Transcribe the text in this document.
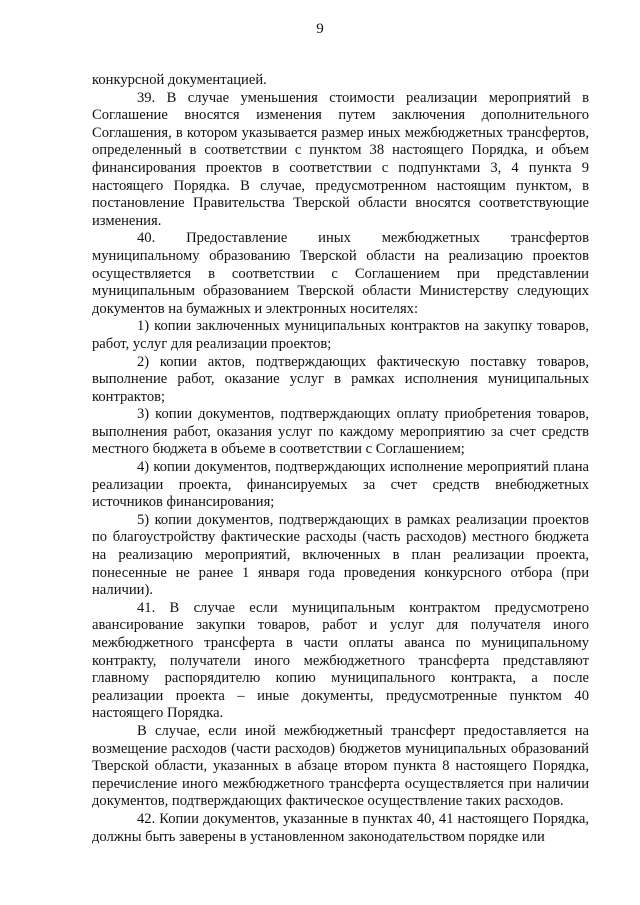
9

конкурсной документацией.

39. В случае уменьшения стоимости реализации мероприятий в Соглашение вносятся изменения путем заключения дополнительного Соглашения, в котором указывается размер иных межбюджетных трансфертов, определенный в соответствии с пунктом 38 настоящего Порядка, и объем финансирования проектов в соответствии с подпунктами 3, 4 пункта 9 настоящего Порядка. В случае, предусмотренном настоящим пунктом, в постановление Правительства Тверской области вносятся соответствующие изменения.

40. Предоставление иных межбюджетных трансфертов муниципальному образованию Тверской области на реализацию проектов осуществляется в соответствии с Соглашением при представлении муниципальным образованием Тверской области Министерству следующих документов на бумажных и электронных носителях:

1) копии заключенных муниципальных контрактов на закупку товаров, работ, услуг для реализации проектов;

2) копии актов, подтверждающих фактическую поставку товаров, выполнение работ, оказание услуг в рамках исполнения муниципальных контрактов;

3) копии документов, подтверждающих оплату приобретения товаров, выполнения работ, оказания услуг по каждому мероприятию за счет средств местного бюджета в объеме в соответствии с Соглашением;

4) копии документов, подтверждающих исполнение мероприятий плана реализации проекта, финансируемых за счет средств внебюджетных источников финансирования;

5) копии документов, подтверждающих в рамках реализации проектов по благоустройству фактические расходы (часть расходов) местного бюджета на реализацию мероприятий, включенных в план реализации проекта, понесенные не ранее 1 января года проведения конкурсного отбора (при наличии).

41. В случае если муниципальным контрактом предусмотрено авансирование закупки товаров, работ и услуг для получателя иного межбюджетного трансферта в части оплаты аванса по муниципальному контракту, получатели иного межбюджетного трансферта представляют главному распорядителю копию муниципального контракта, а после реализации проекта – иные документы, предусмотренные пунктом 40 настоящего Порядка.

В случае, если иной межбюджетный трансферт предоставляется на возмещение расходов (части расходов) бюджетов муниципальных образований Тверской области, указанных в абзаце втором пункта 8 настоящего Порядка, перечисление иного межбюджетного трансферта осуществляется при наличии документов, подтверждающих фактическое осуществление таких расходов.

42. Копии документов, указанные в пунктах 40, 41 настоящего Порядка, должны быть заверены в установленном законодательством порядке или
